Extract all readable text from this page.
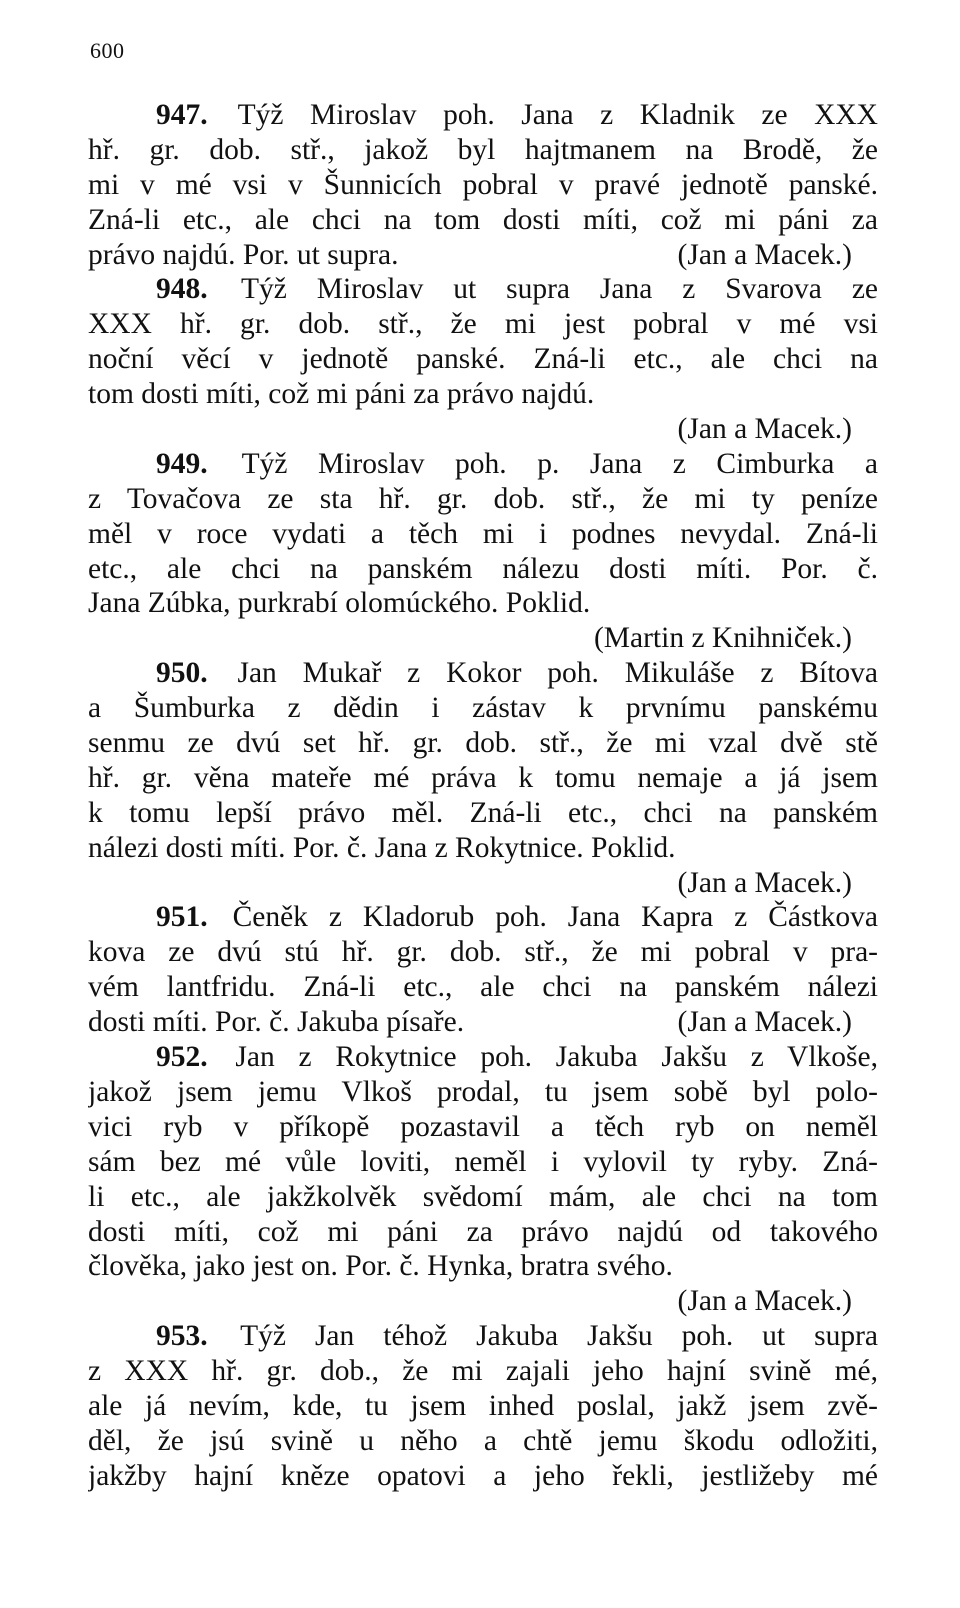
600
947. Týž Miroslav poh. Jana z Kladnik ze XXX
hř. gr. dob. stř., jakož byl hajtmanem na Brodě, že
mi v mé vsi v Šunnicích pobral v pravé jednotě panské.
Zná-li etc., ale chci na tom dosti míti, což mi páni za
právo najdú. Por. ut supra.	(Jan a Macek.)
948. Týž Miroslav ut supra Jana z Svarova ze
XXX hř. gr. dob. stř., že mi jest pobral v mé vsi
noční věcí v jednotě panské. Zná-li etc., ale chci na
tom dosti míti, což mi páni za právo najdú.
(Jan a Macek.)
949. Týž Miroslav poh. p. Jana z Cimburka a
z Tovačova ze sta hř. gr. dob. stř., že mi ty peníze
měl v roce vydati a těch mi i podnes nevydal. Zná-li
etc., ale chci na panském nálezu dosti míti. Por. č.
Jana Zúbka, purkrabí olomúckého. Poklid.
(Martin z Knihniček.)
950. Jan Mukař z Kokor poh. Mikuláše z Bítova
a Šumburka z dědin i zástav k prvnímu panskému
senmu ze dvú set hř. gr. dob. stř., že mi vzal dvě stě
hř. gr. věna mateře mé práva k tomu nemaje a já jsem
k tomu lepší právo měl. Zná-li etc., chci na panském
nálezi dosti míti. Por. č. Jana z Rokytnice. Poklid.
(Jan a Macek.)
951. Čeněk z Kladorub poh. Jana Kapra z Částkova
kova ze dvú stú hř. gr. dob. stř., že mi pobral v pra-
vém lantfridu. Zná-li etc., ale chci na panském nálezi
dosti míti. Por. č. Jakuba písaře.	(Jan a Macek.)
952. Jan z Rokytnice poh. Jakuba Jakšu z Vlkoše,
jakož jsem jemu Vlkoš prodal, tu jsem sobě byl polo-
vici ryb v příkopě pozastavil a těch ryb on neměl
sám bez mé vůle loviti, neměl i vylovil ty ryby. Zná-
li etc., ale jakžkolvěk svědomí mám, ale chci na tom
dosti míti, což mi páni za právo najdú od takového
člověka, jako jest on. Por. č. Hynka, bratra svého.
(Jan a Macek.)
953. Týž Jan téhož Jakuba Jakšu poh. ut supra
z XXX hř. gr. dob., že mi zajali jeho hajní svině mé,
ale já nevím, kde, tu jsem inhed poslal, jakž jsem zvě-
děl, že jsú svině u něho a chtě jemu škodu odložiti,
jakžby hajní kněze opatovi a jeho řekli, jestližeby mé
